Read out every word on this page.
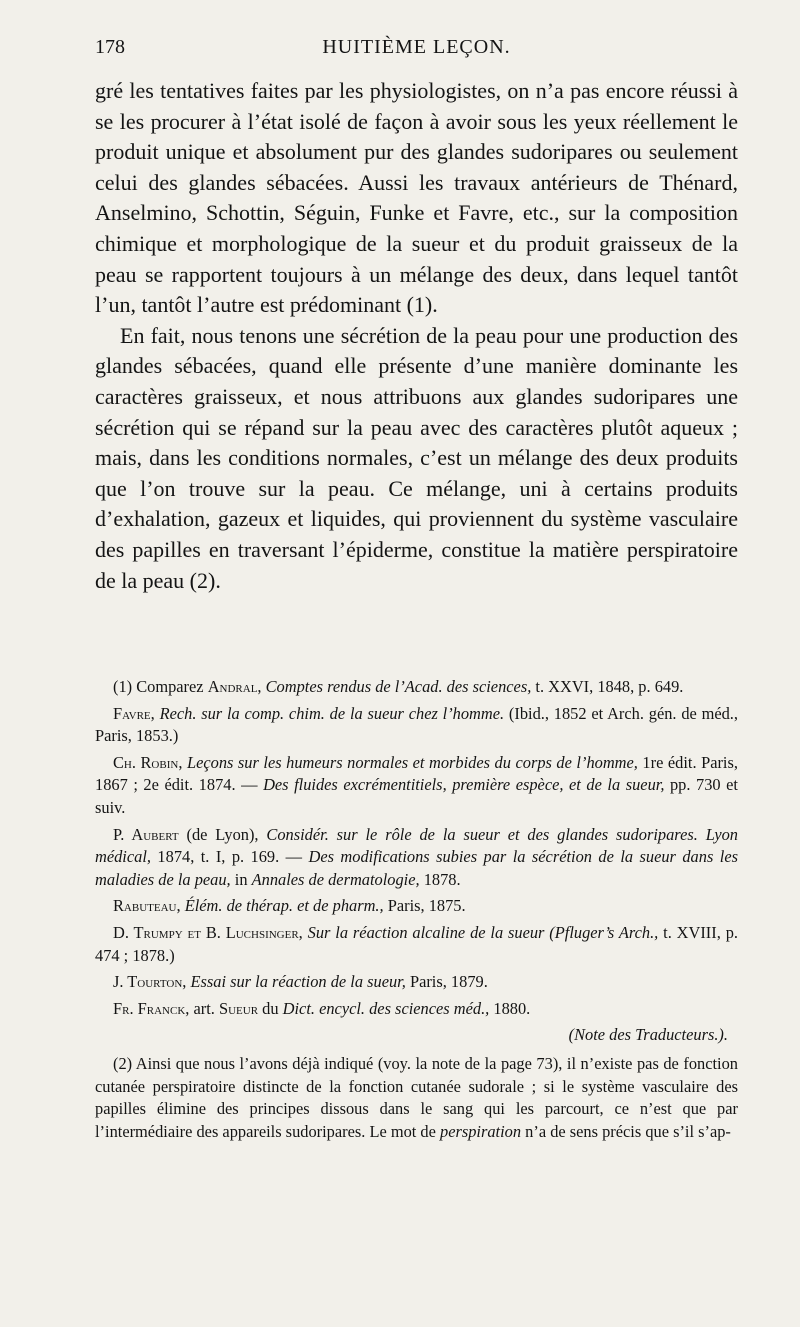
178	HUITIÈME LEÇON.

gré les tentatives faites par les physiologistes, on n’a pas encore réussi à se les procurer à l’état isolé de façon à avoir sous les yeux réellement le produit unique et absolument pur des glandes sudoripares ou seulement celui des glandes sébacées. Aussi les travaux antérieurs de Thénard, Anselmino, Schottin, Séguin, Funke et Favre, etc., sur la composition chimique et morphologique de la sueur et du produit graisseux de la peau se rapportent toujours à un mélange des deux, dans lequel tantôt l’un, tantôt l’autre est prédominant (1).

En fait, nous tenons une sécrétion de la peau pour une production des glandes sébacées, quand elle présente d’une manière dominante les caractères graisseux, et nous attribuons aux glandes sudoripares une sécrétion qui se répand sur la peau avec des caractères plutôt aqueux ; mais, dans les conditions normales, c’est un mélange des deux produits que l’on trouve sur la peau. Ce mélange, uni à certains produits d’exhalation, gazeux et liquides, qui proviennent du système vasculaire des papilles en traversant l’épiderme, constitue la matière perspiratoire de la peau (2).

(1) Comparez Andral, Comptes rendus de l’Acad. des sciences, t. XXVI, 1848, p. 649.

Favre, Rech. sur la comp. chim. de la sueur chez l’homme. (Ibid., 1852 et Arch. gén. de méd., Paris, 1853.)

Ch. Robin, Leçons sur les humeurs normales et morbides du corps de l’homme, 1re édit. Paris, 1867 ; 2e édit. 1874. — Des fluides excrémentitiels, première espèce, et de la sueur, pp. 730 et suiv.

P. Aubert (de Lyon), Considér. sur le rôle de la sueur et des glandes sudoripares. Lyon médical, 1874, t. I, p. 169. — Des modifications subies par la sécrétion de la sueur dans les maladies de la peau, in Annales de dermatologie, 1878.

Rabuteau, Élém. de thérap. et de pharm., Paris, 1875.

D. Trumpy et B. Luchsinger, Sur la réaction alcaline de la sueur (Pfluger’s Arch., t. XVIII, p. 474 ; 1878.)

J. Tourton, Essai sur la réaction de la sueur, Paris, 1879.

Fr. Franck, art. Sueur du Dict. encycl. des sciences méd., 1880.

(Note des Traducteurs.).

(2) Ainsi que nous l’avons déjà indiqué (voy. la note de la page 73), il n’existe pas de fonction cutanée perspiratoire distincte de la fonction cutanée sudorale ; si le système vasculaire des papilles élimine des principes dissous dans le sang qui les parcourt, ce n’est que par l’intermédiaire des appareils sudoripares. Le mot de perspiration n’a de sens précis que s’il s’ap-
